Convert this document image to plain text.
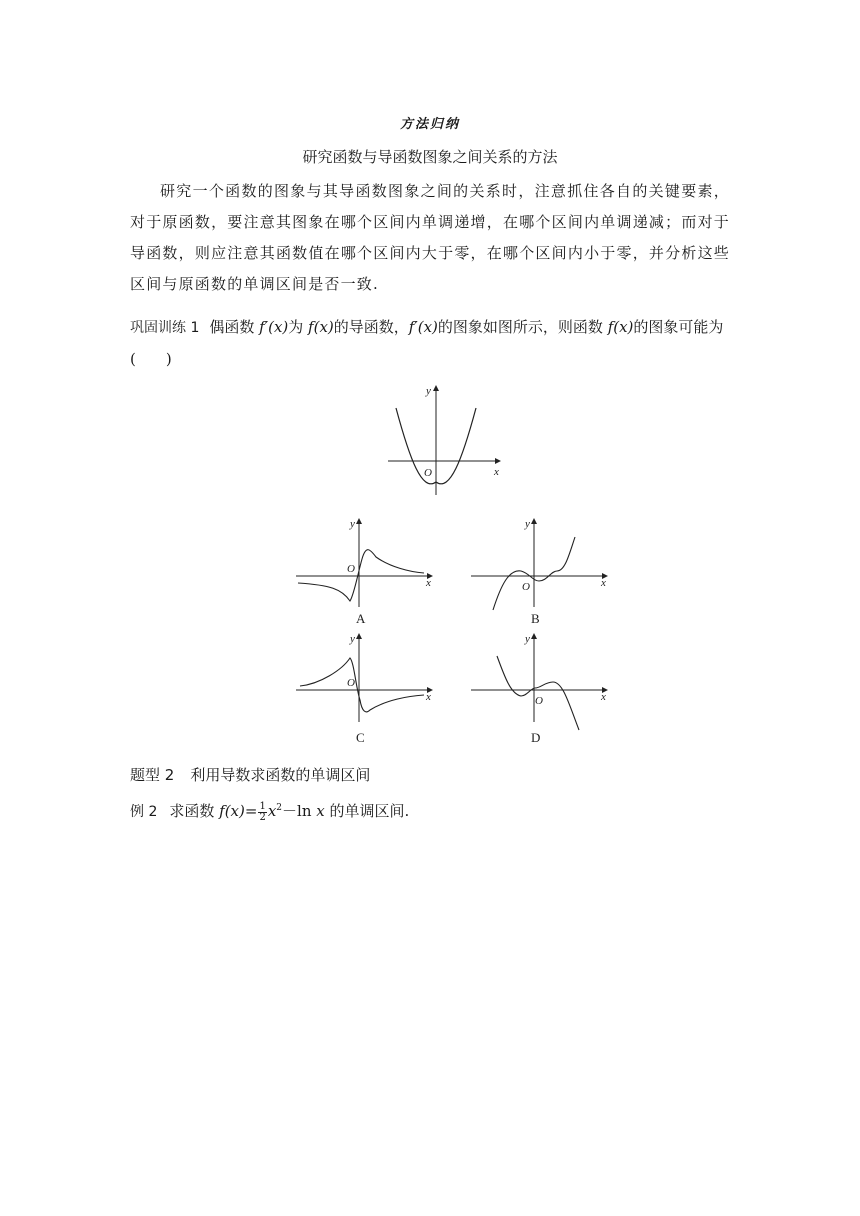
方法归纳
研究函数与导函数图象之间关系的方法
研究一个函数的图象与其导函数图象之间的关系时，注意抓住各自的关键要素，对于原函数，要注意其图象在哪个区间内单调递增，在哪个区间内单调递减；而对于导函数，则应注意其函数值在哪个区间内大于零，在哪个区间内小于零，并分析这些区间与原函数的单调区间是否一致.
巩固训练 1 偶函数 f′(x)为 f(x)的导函数，f′(x)的图象如图所示，则函数 f(x)的图象可能为(　　)
y
x
O
y
x
O
A
y
x
O
B
y
x
O
C
y
x
O
D
题型 2 利用导数求函数的单调区间
例 2 求函数 $f(x)= \frac{1}{2} x^2-\ln$ x 的单调区间.
